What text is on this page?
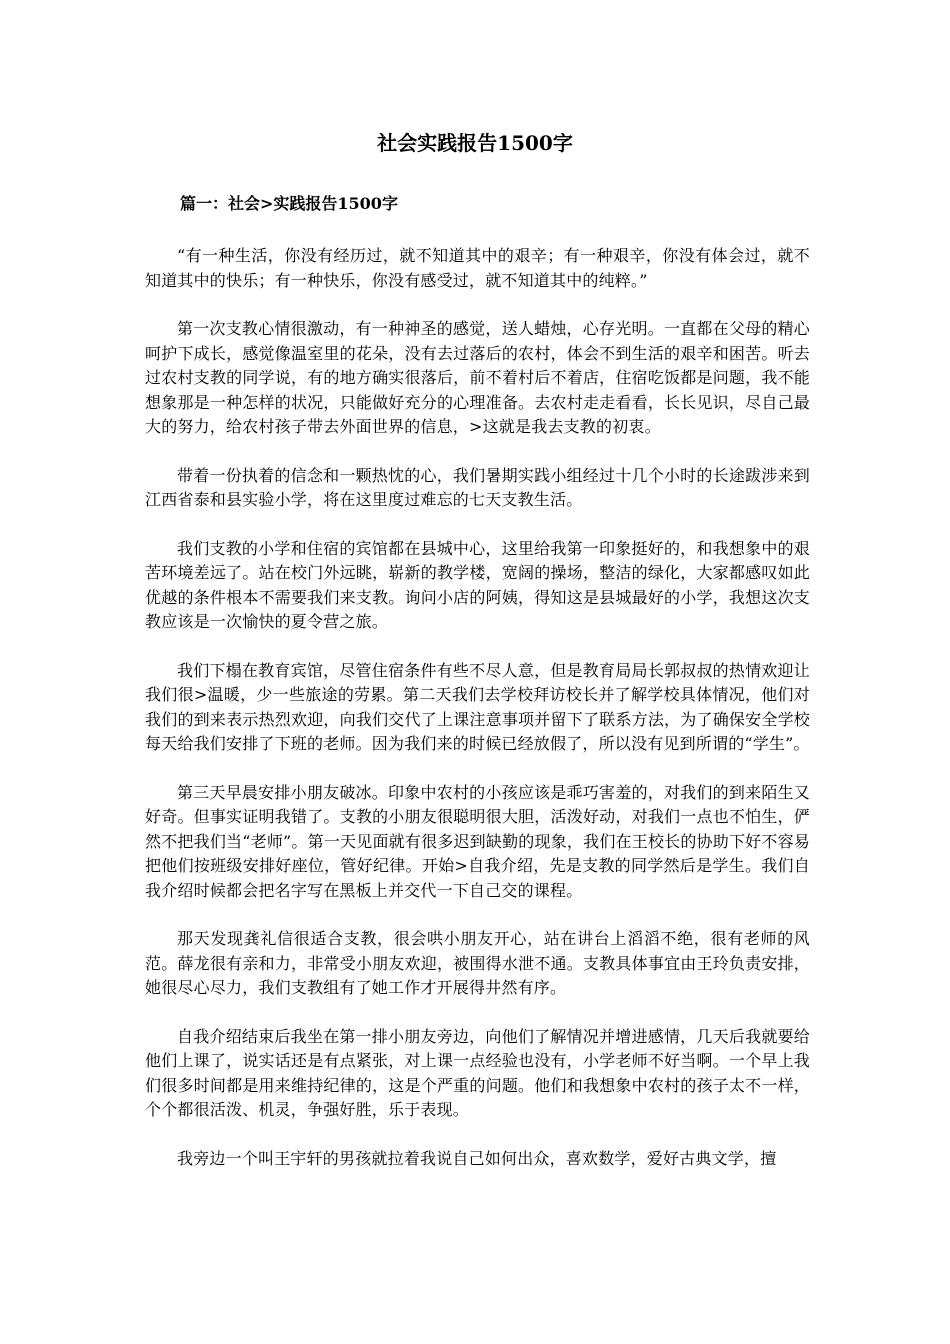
社会实践报告1500字
篇一：社会>实践报告1500字

“有一种生活，你没有经历过，就不知道其中的艰辛；有一种艰辛，你没有体会过，就不知道其中的快乐；有一种快乐，你没有感受过，就不知道其中的纯粹。”

第一次支教心情很激动，有一种神圣的感觉，送人蜡烛，心存光明。一直都在父母的精心呵护下成长，感觉像温室里的花朵，没有去过落后的农村，体会不到生活的艰辛和困苦。听去过农村支教的同学说，有的地方确实很落后，前不着村后不着店，住宿吃饭都是问题，我不能想象那是一种怎样的状况，只能做好充分的心理准备。去农村走走看看，长长见识，尽自己最大的努力，给农村孩子带去外面世界的信息，>这就是我去支教的初衷。

带着一份执着的信念和一颗热忱的心，我们暑期实践小组经过十几个小时的长途跋涉来到江西省泰和县实验小学，将在这里度过难忘的七天支教生活。

我们支教的小学和住宿的宾馆都在县城中心，这里给我第一印象挺好的，和我想象中的艰苦环境差远了。站在校门外远眺，崭新的教学楼，宽阔的操场，整洁的绿化，大家都感叹如此优越的条件根本不需要我们来支教。询问小店的阿姨，得知这是县城最好的小学，我想这次支教应该是一次愉快的夏令营之旅。

我们下榻在教育宾馆，尽管住宿条件有些不尽人意，但是教育局局长郭叔叔的热情欢迎让我们很>温暖，少一些旅途的劳累。第二天我们去学校拜访校长并了解学校具体情况，他们对我们的到来表示热烈欢迎，向我们交代了上课注意事项并留下了联系方法，为了确保安全学校每天给我们安排了下班的老师。因为我们来的时候已经放假了，所以没有见到所谓的“学生”。

第三天早晨安排小朋友破冰。印象中农村的小孩应该是乖巧害羞的，对我们的到来陌生又好奇。但事实证明我错了。支教的小朋友很聪明很大胆，活泼好动，对我们一点也不怕生，俨然不把我们当“老师”。第一天见面就有很多迟到缺勤的现象，我们在王校长的协助下好不容易把他们按班级安排好座位，管好纪律。开始>自我介绍，先是支教的同学然后是学生。我们自我介绍时候都会把名字写在黑板上并交代一下自己交的课程。

那天发现龚礼信很适合支教，很会哄小朋友开心，站在讲台上滔滔不绝，很有老师的风范。薛龙很有亲和力，非常受小朋友欢迎，被围得水泄不通。支教具体事宜由王玲负责安排，她很尽心尽力，我们支教组有了她工作才开展得井然有序。

自我介绍结束后我坐在第一排小朋友旁边，向他们了解情况并增进感情，几天后我就要给他们上课了，说实话还是有点紧张，对上课一点经验也没有，小学老师不好当啊。一个早上我们很多时间都是用来维持纪律的，这是个严重的问题。他们和我想象中农村的孩子太不一样，个个都很活泼、机灵，争强好胜，乐于表现。

我旁边一个叫王宇轩的男孩就拉着我说自己如何出众，喜欢数学，爱好古典文学，擅
